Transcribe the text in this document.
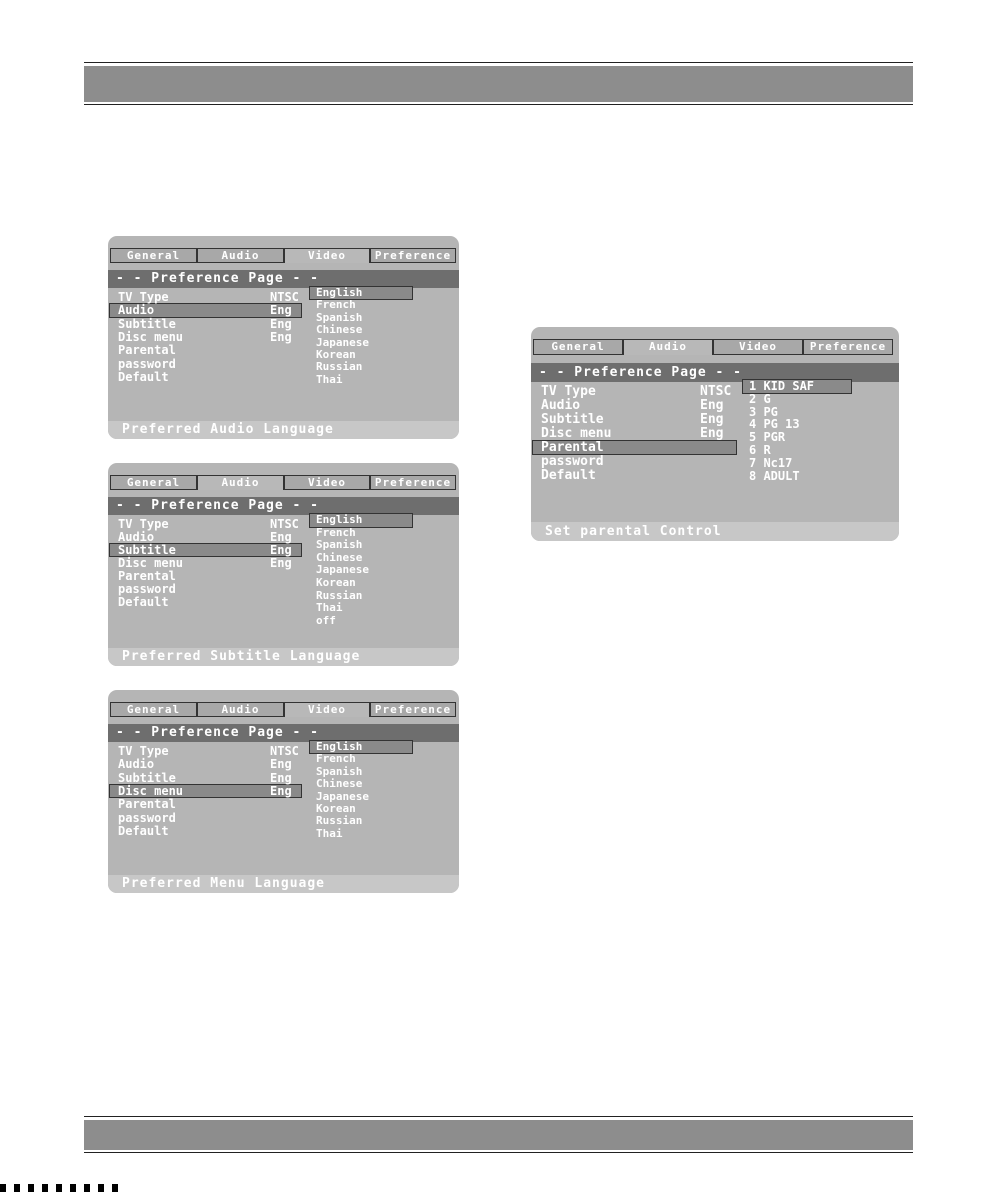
General	Audio	Video	Preference
- - Preference Page - -
TV Type	NTSC
Audio	Eng
Subtitle	Eng
Disc menu	Eng
Parental
password
Default
English
French
Spanish
Chinese
Japanese
Korean
Russian
Thai
Preferred Audio Language
General	Audio	Video	Preference
- - Preference Page - -
TV Type	NTSC
Audio	Eng
Subtitle	Eng
Disc menu	Eng
Parental
password
Default
English
French
Spanish
Chinese
Japanese
Korean
Russian
Thai
off
Preferred Subtitle Language
General	Audio	Video	Preference
- - Preference Page - -
TV Type	NTSC
Audio	Eng
Subtitle	Eng
Disc menu	Eng
Parental
password
Default
English
French
Spanish
Chinese
Japanese
Korean
Russian
Thai
Preferred Menu Language
General	Audio	Video	Preference
- - Preference Page - -
TV Type	NTSC
Audio	Eng
Subtitle	Eng
Disc menu	Eng
Parental
password
Default
1 KID SAF
2 G
3 PG
4 PG 13
5 PGR
6 R
7 Nc17
8 ADULT
Set parental Control
